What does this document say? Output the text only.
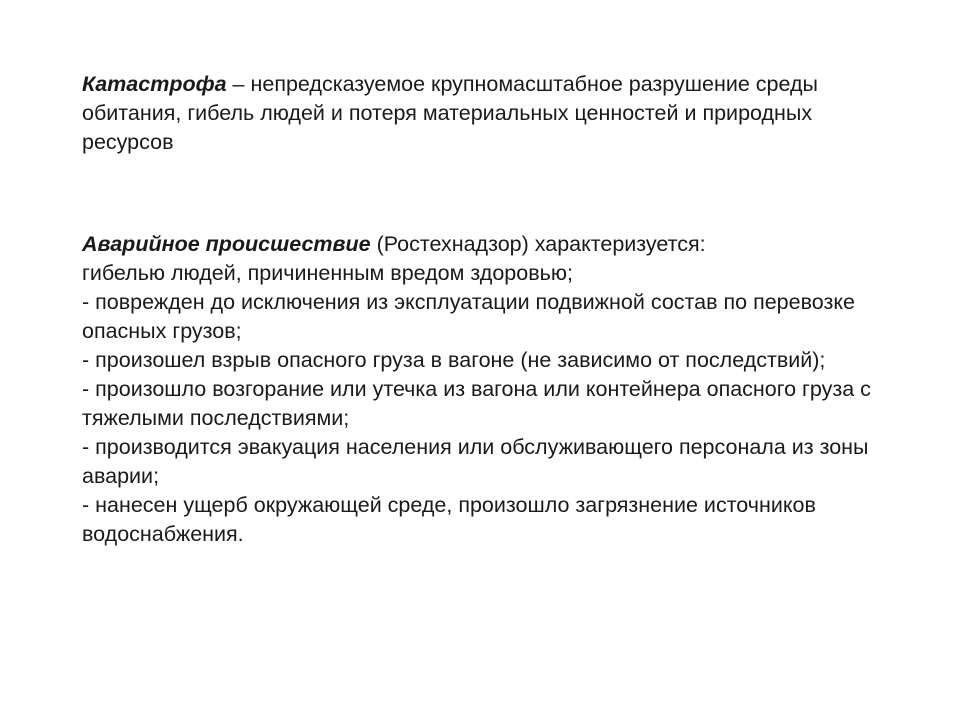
Катастрофа – непредсказуемое крупномасштабное разрушение среды обитания, гибель людей и потеря материальных ценностей и природных ресурсов

Аварийное происшествие (Ростехнадзор) характеризуется:

гибелью людей, причиненным вредом здоровью;

- поврежден до исключения из эксплуатации подвижной состав по перевозке опасных грузов;

- произошел взрыв опасного груза в вагоне (не зависимо от последствий);

- произошло возгорание или утечка из вагона или контейнера опасного груза с тяжелыми последствиями;

- производится эвакуация населения или обслуживающего персонала из зоны аварии;

- нанесен ущерб окружающей среде, произошло загрязнение источников водоснабжения.
